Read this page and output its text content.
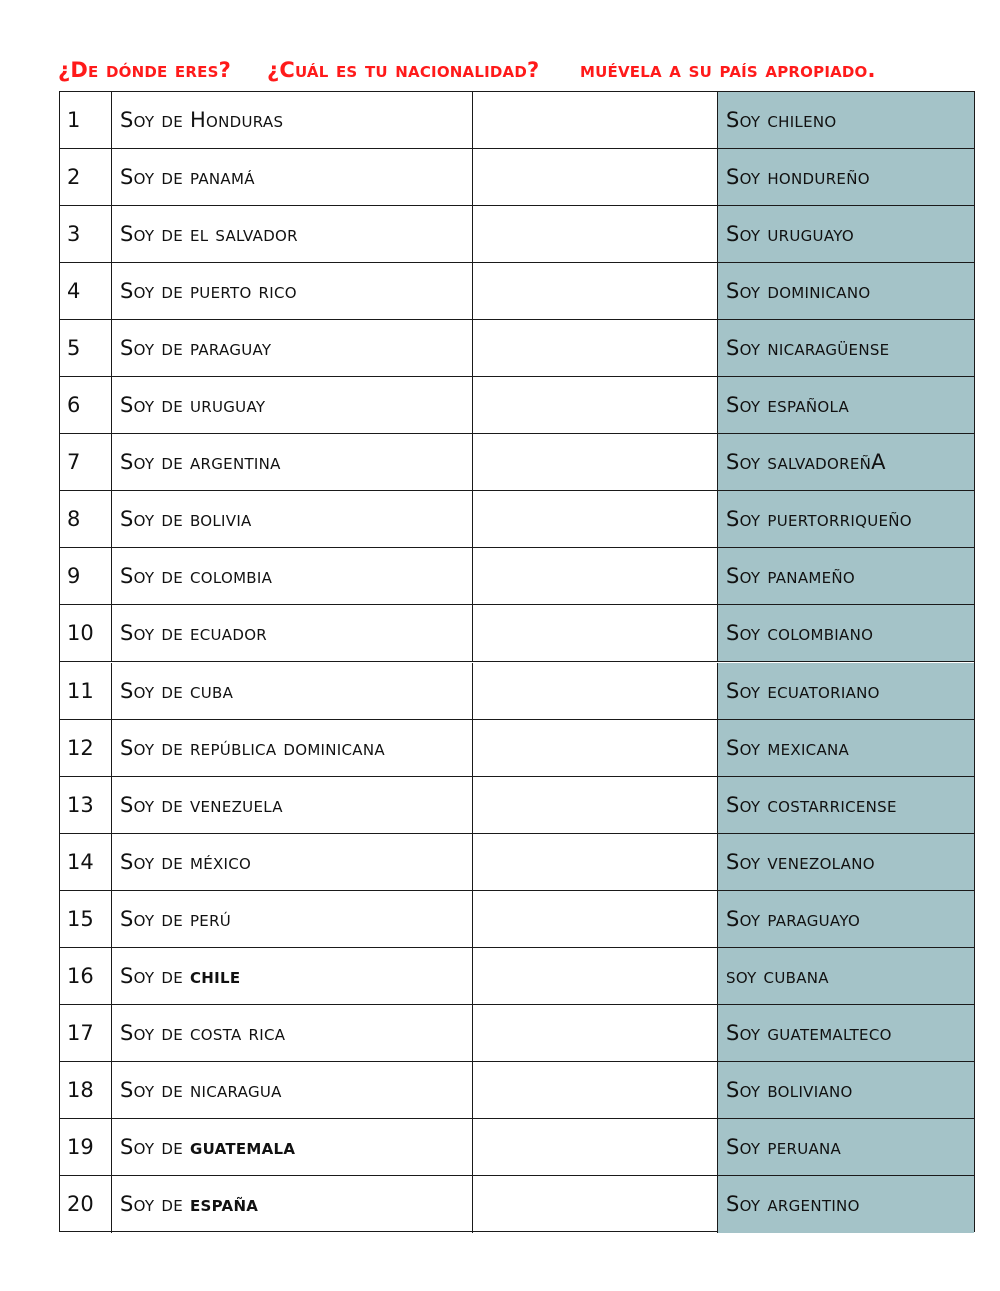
¿De dónde eres? ¿Cuál es tu nacionalidad? muévela a su país apropiado.
1	Soy de Honduras	Soy chileno
2	Soy de panamá	Soy hondureño
3	Soy de el salvador	Soy uruguayo
4	Soy de puerto rico	Soy dominicano
5	Soy de paraguay	Soy nicaragüense
6	Soy de uruguay	Soy española
7	Soy de argentina	Soy salvadoreñA
8	Soy de bolivia	Soy puertorriqueño
9	Soy de colombia	Soy panameño
10	Soy de ecuador	Soy colombiano
11	Soy de cuba	Soy ecuatoriano
12	Soy de república dominicana	Soy mexicana
13	Soy de venezuela	Soy costarricense
14	Soy de méxico	Soy venezolano
15	Soy de perú	Soy paraguayo
16	Soy de chile	soy cubana
17	Soy de costa rica	Soy guatemalteco
18	Soy de nicaragua	Soy boliviano
19	Soy de guatemala	Soy peruana
20	Soy de españa	Soy argentino
